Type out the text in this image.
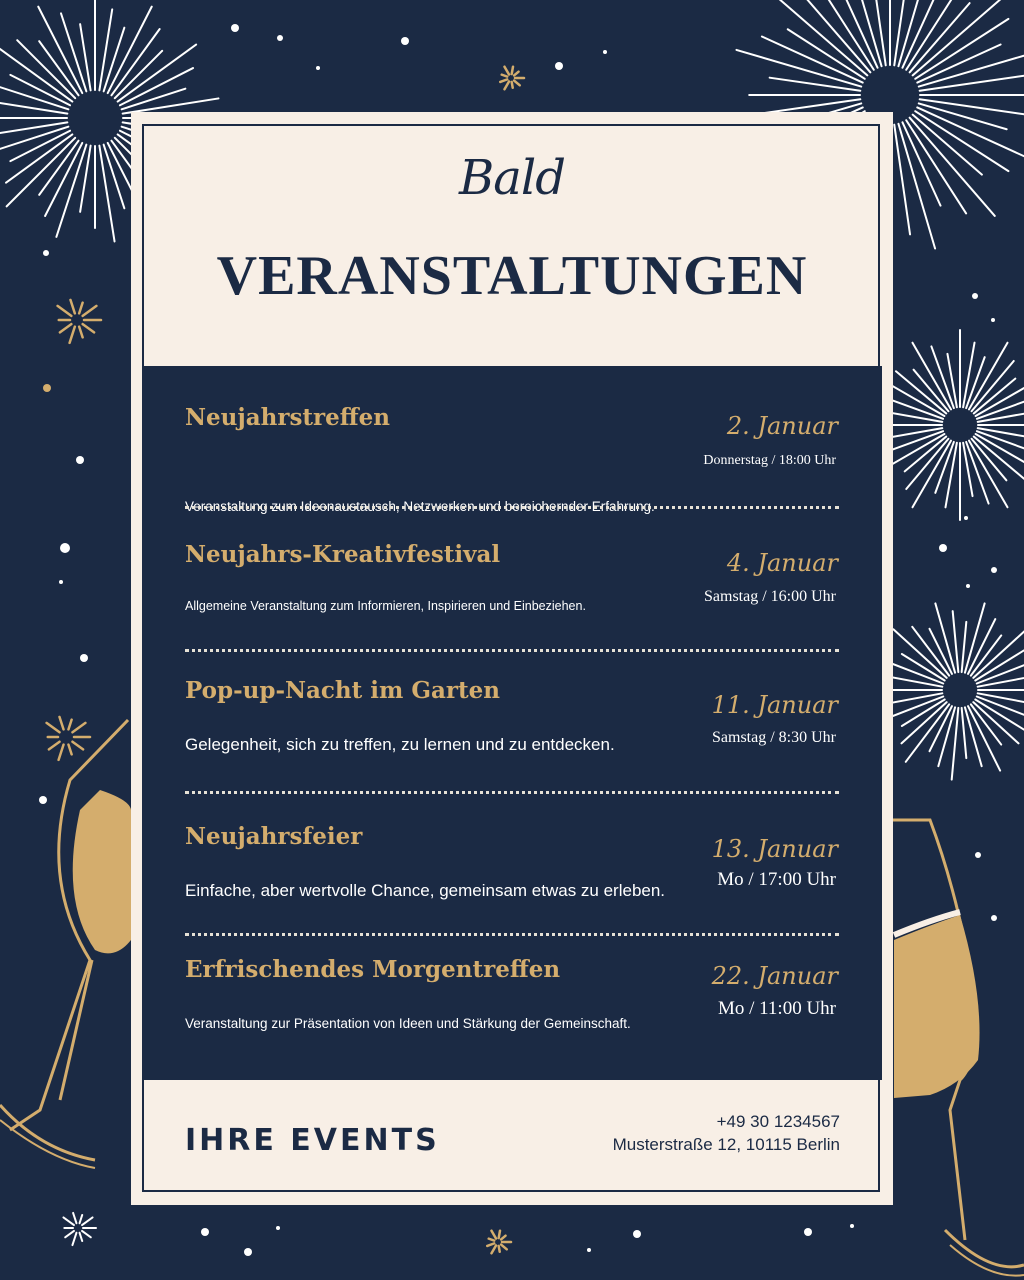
Bald
VERANSTALTUNGEN
Neujahrstreffen
Veranstaltung zum Ideenaustausch, Netzwerken und bereichernder Erfahrung.
2. Januar
Donnerstag / 18:00 Uhr
Neujahrs-Kreativfestival
Allgemeine Veranstaltung zum Informieren, Inspirieren und Einbeziehen.
4. Januar
Samstag / 16:00 Uhr
Pop-up-Nacht im Garten
Gelegenheit, sich zu treffen, zu lernen und zu entdecken.
11. Januar
Samstag / 8:30 Uhr
Neujahrsfeier
Einfache, aber wertvolle Chance, gemeinsam etwas zu erleben.
13. Januar
Mo / 17:00 Uhr
Erfrischendes Morgentreffen
Veranstaltung zur Präsentation von Ideen und Stärkung der Gemeinschaft.
22. Januar
Mo / 11:00 Uhr
IHRE EVENTS
+49 30 1234567
Musterstraße 12, 10115 Berlin
